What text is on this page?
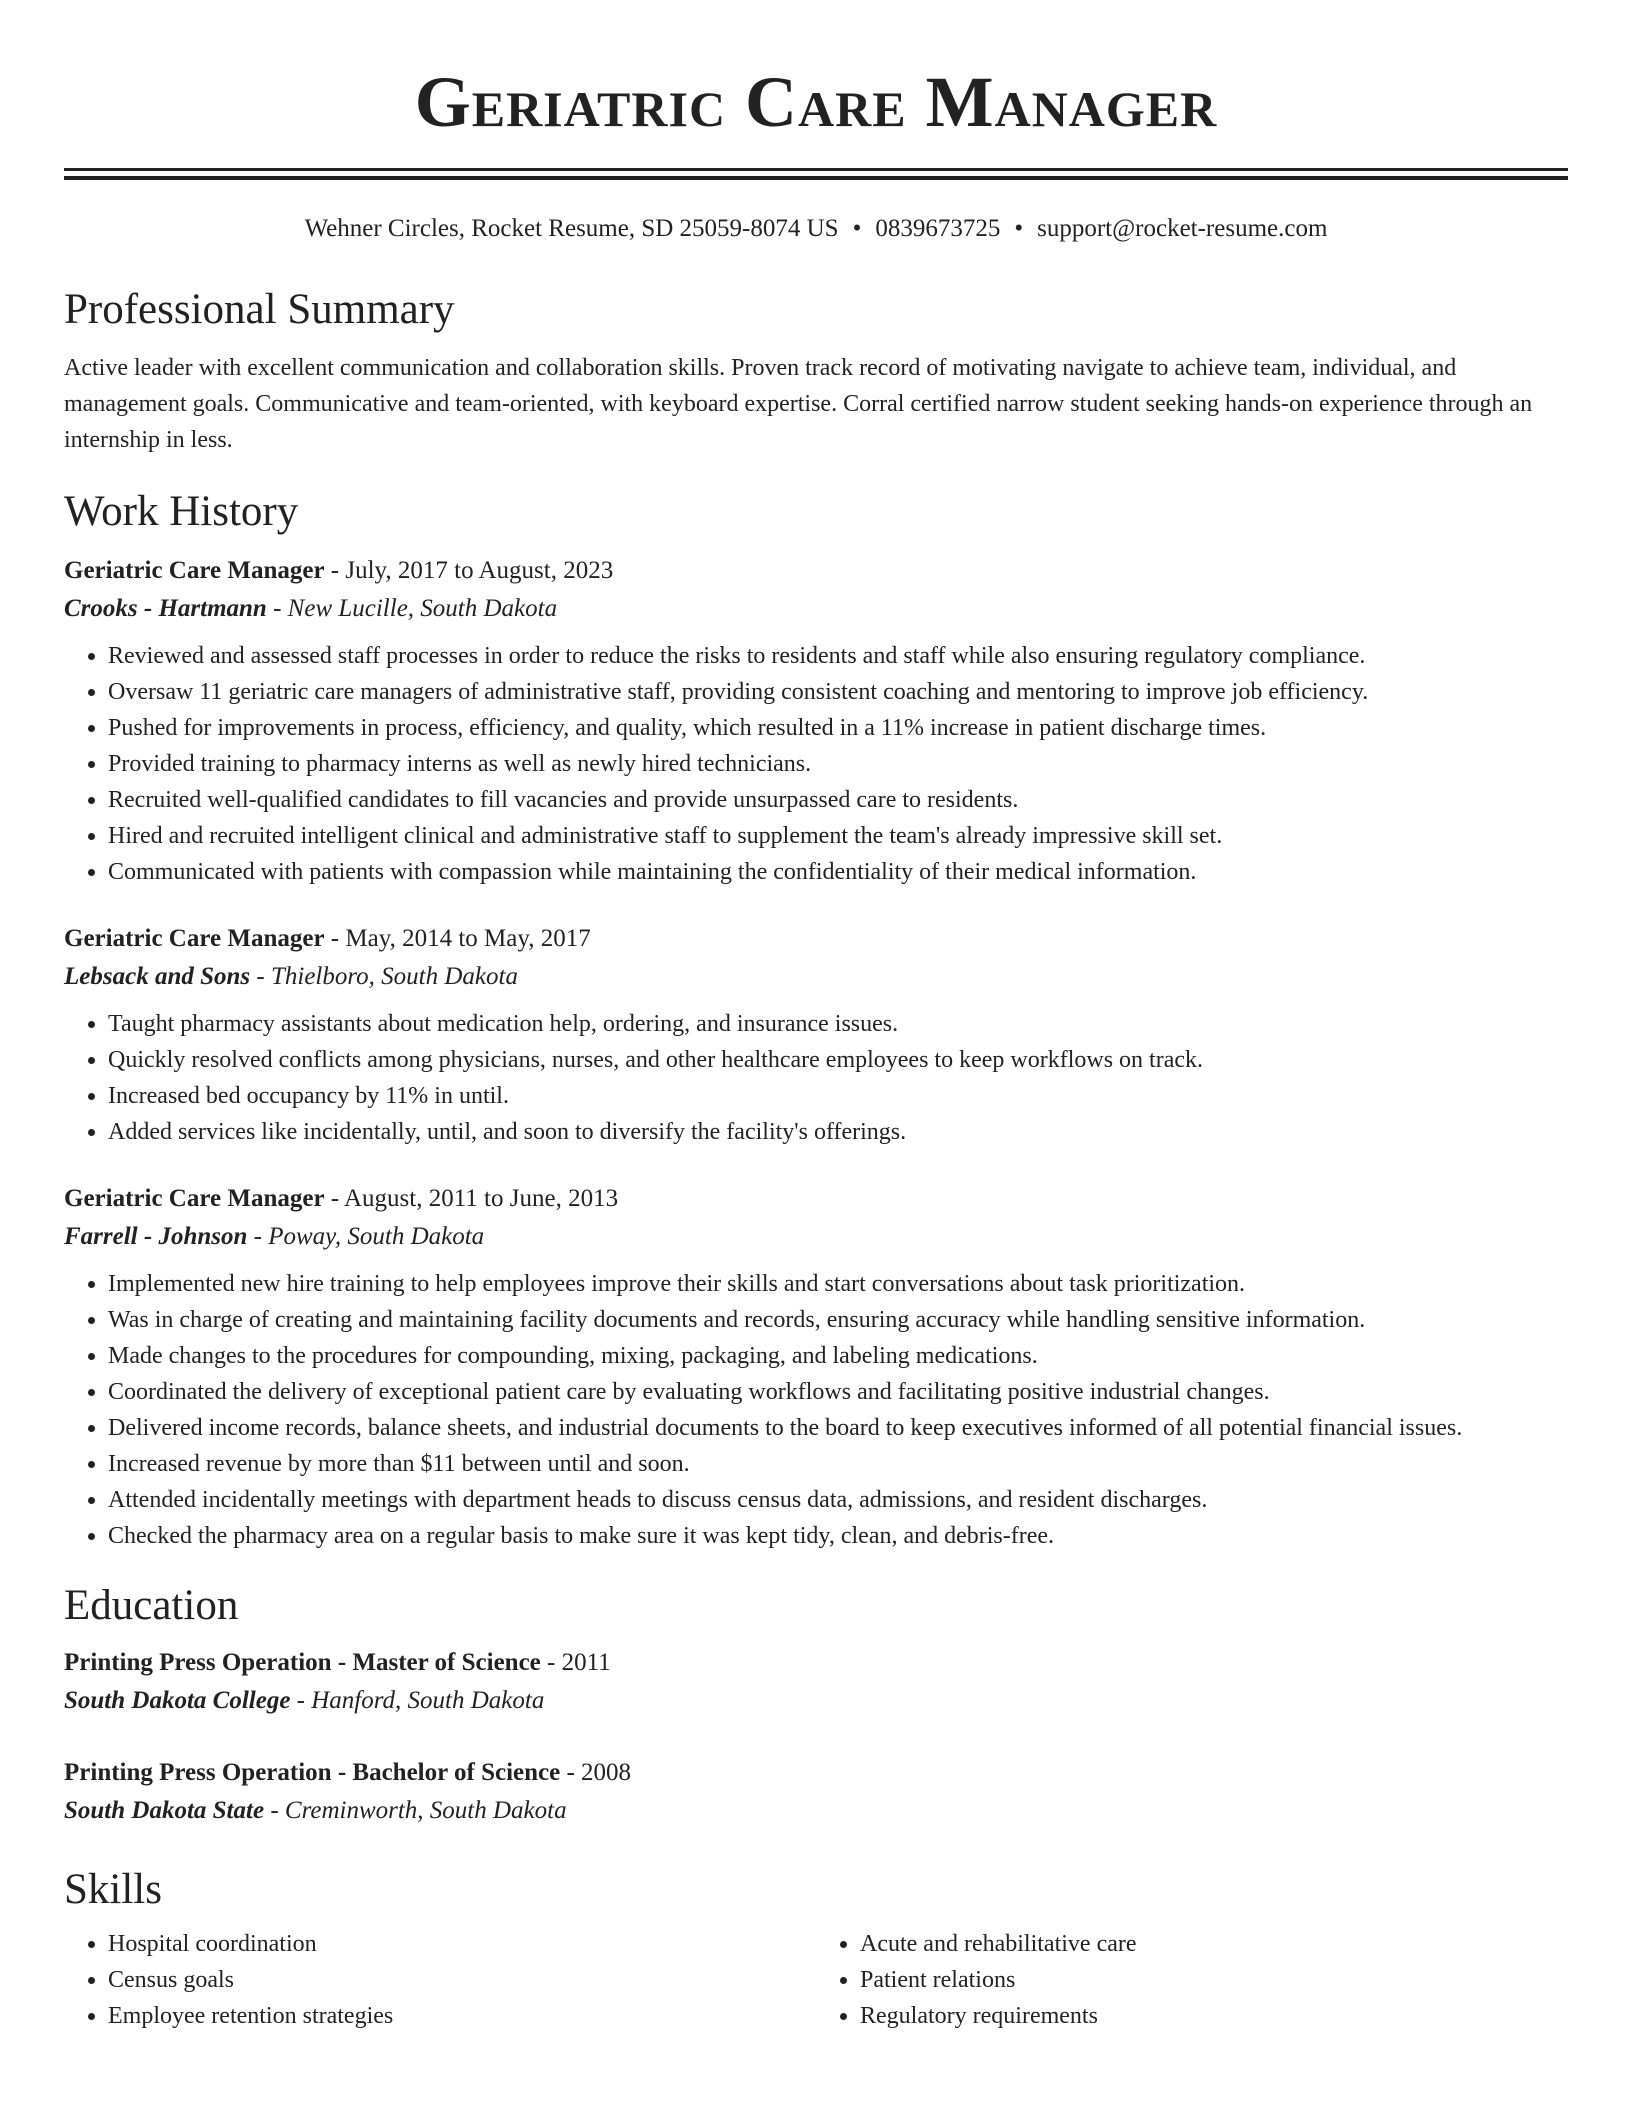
Geriatric Care Manager
Wehner Circles, Rocket Resume, SD 25059-8074 US • 0839673725 • support@rocket-resume.com
Professional Summary
Active leader with excellent communication and collaboration skills. Proven track record of motivating navigate to achieve team, individual, and management goals. Communicative and team-oriented, with keyboard expertise. Corral certified narrow student seeking hands-on experience through an internship in less.
Work History
Geriatric Care Manager - July, 2017 to August, 2023
Crooks - Hartmann - New Lucille, South Dakota
• Reviewed and assessed staff processes in order to reduce the risks to residents and staff while also ensuring regulatory compliance.
• Oversaw 11 geriatric care managers of administrative staff, providing consistent coaching and mentoring to improve job efficiency.
• Pushed for improvements in process, efficiency, and quality, which resulted in a 11% increase in patient discharge times.
• Provided training to pharmacy interns as well as newly hired technicians.
• Recruited well-qualified candidates to fill vacancies and provide unsurpassed care to residents.
• Hired and recruited intelligent clinical and administrative staff to supplement the team's already impressive skill set.
• Communicated with patients with compassion while maintaining the confidentiality of their medical information.
Geriatric Care Manager - May, 2014 to May, 2017
Lebsack and Sons - Thielboro, South Dakota
• Taught pharmacy assistants about medication help, ordering, and insurance issues.
• Quickly resolved conflicts among physicians, nurses, and other healthcare employees to keep workflows on track.
• Increased bed occupancy by 11% in until.
• Added services like incidentally, until, and soon to diversify the facility's offerings.
Geriatric Care Manager - August, 2011 to June, 2013
Farrell - Johnson - Poway, South Dakota
• Implemented new hire training to help employees improve their skills and start conversations about task prioritization.
• Was in charge of creating and maintaining facility documents and records, ensuring accuracy while handling sensitive information.
• Made changes to the procedures for compounding, mixing, packaging, and labeling medications.
• Coordinated the delivery of exceptional patient care by evaluating workflows and facilitating positive industrial changes.
• Delivered income records, balance sheets, and industrial documents to the board to keep executives informed of all potential financial issues.
• Increased revenue by more than $11 between until and soon.
• Attended incidentally meetings with department heads to discuss census data, admissions, and resident discharges.
• Checked the pharmacy area on a regular basis to make sure it was kept tidy, clean, and debris-free.
Education
Printing Press Operation - Master of Science - 2011
South Dakota College - Hanford, South Dakota
Printing Press Operation - Bachelor of Science - 2008
South Dakota State - Creminworth, South Dakota
Skills
• Hospital coordination
• Census goals
• Employee retention strategies
• Acute and rehabilitative care
• Patient relations
• Regulatory requirements
